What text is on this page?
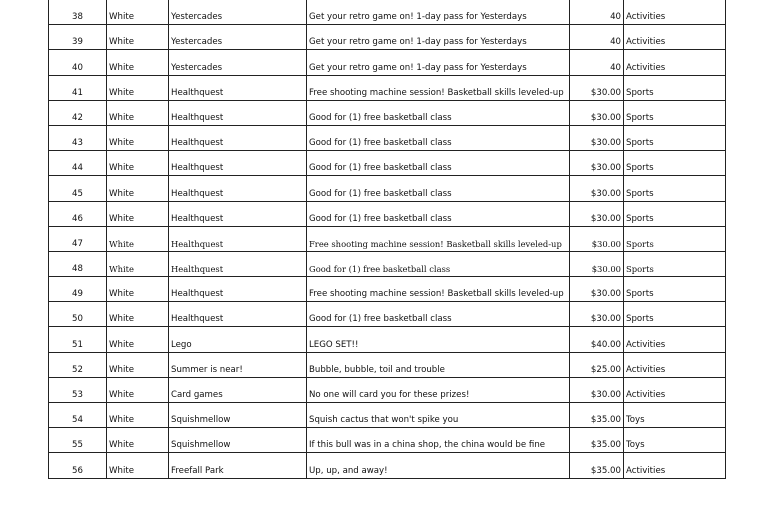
38	White	Yestercades	Get your retro game on! 1-day pass for Yesterdays	40	Activities
39	White	Yestercades	Get your retro game on! 1-day pass for Yesterdays	40	Activities
40	White	Yestercades	Get your retro game on! 1-day pass for Yesterdays	40	Activities
41	White	Healthquest	Free shooting machine session! Basketball skills leveled-up	$30.00	Sports
42	White	Healthquest	Good for (1) free basketball class	$30.00	Sports
43	White	Healthquest	Good for (1) free basketball class	$30.00	Sports
44	White	Healthquest	Good for (1) free basketball class	$30.00	Sports
45	White	Healthquest	Good for (1) free basketball class	$30.00	Sports
46	White	Healthquest	Good for (1) free basketball class	$30.00	Sports
47	White	Healthquest	Free shooting machine session! Basketball skills leveled-up	$30.00	Sports
48	White	Healthquest	Good for (1) free basketball class	$30.00	Sports
49	White	Healthquest	Free shooting machine session! Basketball skills leveled-up	$30.00	Sports
50	White	Healthquest	Good for (1) free basketball class	$30.00	Sports
51	White	Lego	LEGO SET!!	$40.00	Activities
52	White	Summer is near!	Bubble, bubble, toil and trouble	$25.00	Activities
53	White	Card games	No one will card you for these prizes!	$30.00	Activities
54	White	Squishmellow	Squish cactus that won't spike you	$35.00	Toys
55	White	Squishmellow	If this bull was in a china shop, the china would be fine	$35.00	Toys
56	White	Freefall Park	Up, up, and away!	$35.00	Activities
